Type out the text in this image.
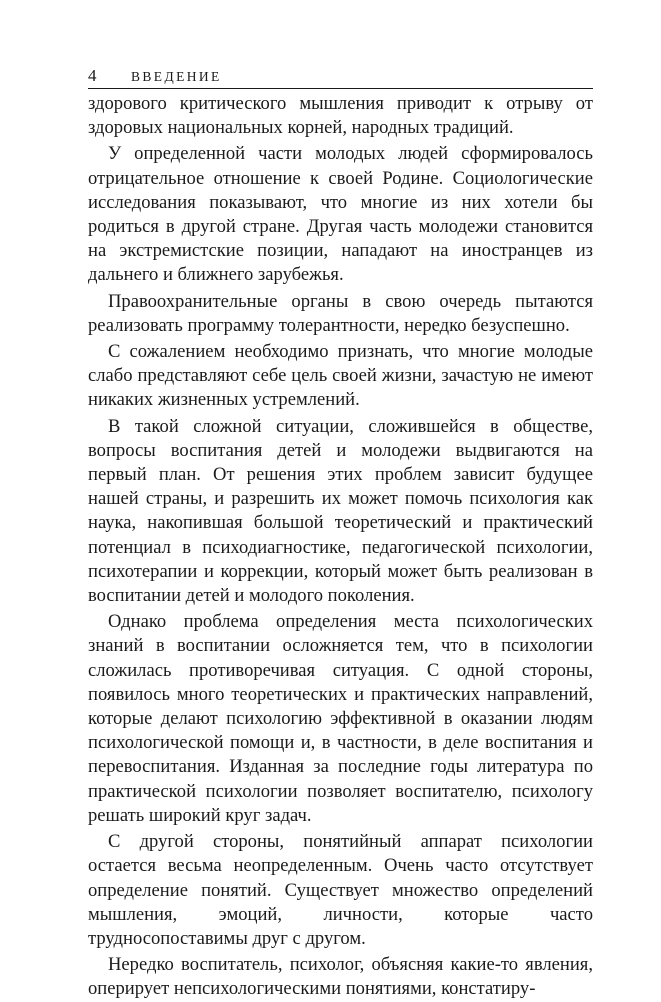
4	ВВЕДЕНИЕ

здорового критического мышления приводит к отрыву от здоровых национальных корней, народных традиций.

У определенной части молодых людей сформировалось отрицательное отношение к своей Родине. Социологические исследования показывают, что многие из них хотели бы родиться в другой стране. Другая часть молодежи становится на экстремистские позиции, нападают на иностранцев из дальнего и ближнего зарубежья.

Правоохранительные органы в свою очередь пытаются реализовать программу толерантности, нередко безуспешно.

С сожалением необходимо признать, что многие молодые слабо представляют себе цель своей жизни, зачастую не имеют никаких жизненных устремлений.

В такой сложной ситуации, сложившейся в обществе, вопросы воспитания детей и молодежи выдвигаются на первый план. От решения этих проблем зависит будущее нашей страны, и разрешить их может помочь психология как наука, накопившая большой теоретический и практический потенциал в психодиагностике, педагогической психологии, психотерапии и коррекции, который может быть реализован в воспитании детей и молодого поколения.

Однако проблема определения места психологических знаний в воспитании осложняется тем, что в психологии сложилась противоречивая ситуация. С одной стороны, появилось много теоретических и практических направлений, которые делают психологию эффективной в оказании людям психологической помощи и, в частности, в деле воспитания и перевоспитания. Изданная за последние годы литература по практической психологии позволяет воспитателю, психологу решать широкий круг задач.

С другой стороны, понятийный аппарат психологии остается весьма неопределенным. Очень часто отсутствует определение понятий. Существует множество определений мышления, эмоций, личности, которые часто трудносопоставимы друг с другом.

Нередко воспитатель, психолог, объясняя какие-то явления, оперирует непсихологическими понятиями, констатиру-
